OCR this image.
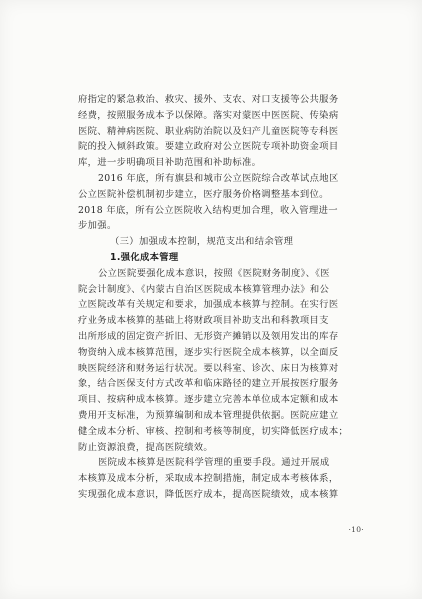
府指定的紧急救治、救灾、援外、支农、对口支援等公共服务
经费，按照服务成本予以保障。落实对蒙医中医医院、传染病
医院、精神病医院、职业病防治院以及妇产儿童医院等专科医
院的投入倾斜政策。要建立政府对公立医院专项补助资金项目
库，进一步明确项目补助范围和补助标准。
2016 年底，所有旗县和城市公立医院综合改革试点地区
公立医院补偿机制初步建立，医疗服务价格调整基本到位。
2018 年底，所有公立医院收入结构更加合理，收入管理进一
步加强。
（三）加强成本控制，规范支出和结余管理
1.强化成本管理
公立医院要强化成本意识，按照《医院财务制度》、《医
院会计制度》、《内蒙古自治区医院成本核算管理办法》和公
立医院改革有关规定和要求，加强成本核算与控制。在实行医
疗业务成本核算的基础上将财政项目补助支出和科教项目支
出所形成的固定资产折旧、无形资产摊销以及领用发出的库存
物资纳入成本核算范围，逐步实行医院全成本核算，以全面反
映医院经济和财务运行状况。要以科室、诊次、床日为核算对
象，结合医保支付方式改革和临床路径的建立开展按医疗服务
项目、按病种成本核算。逐步建立完善本单位成本定额和成本
费用开支标准，为预算编制和成本管理提供依据。医院应建立
健全成本分析、审核、控制和考核等制度，切实降低医疗成本；
防止资源浪费，提高医院绩效。
医院成本核算是医院科学管理的重要手段。通过开展成
本核算及成本分析，采取成本控制措施，制定成本考核体系，
实现强化成本意识，降低医疗成本，提高医院绩效，成本核算
·10·
